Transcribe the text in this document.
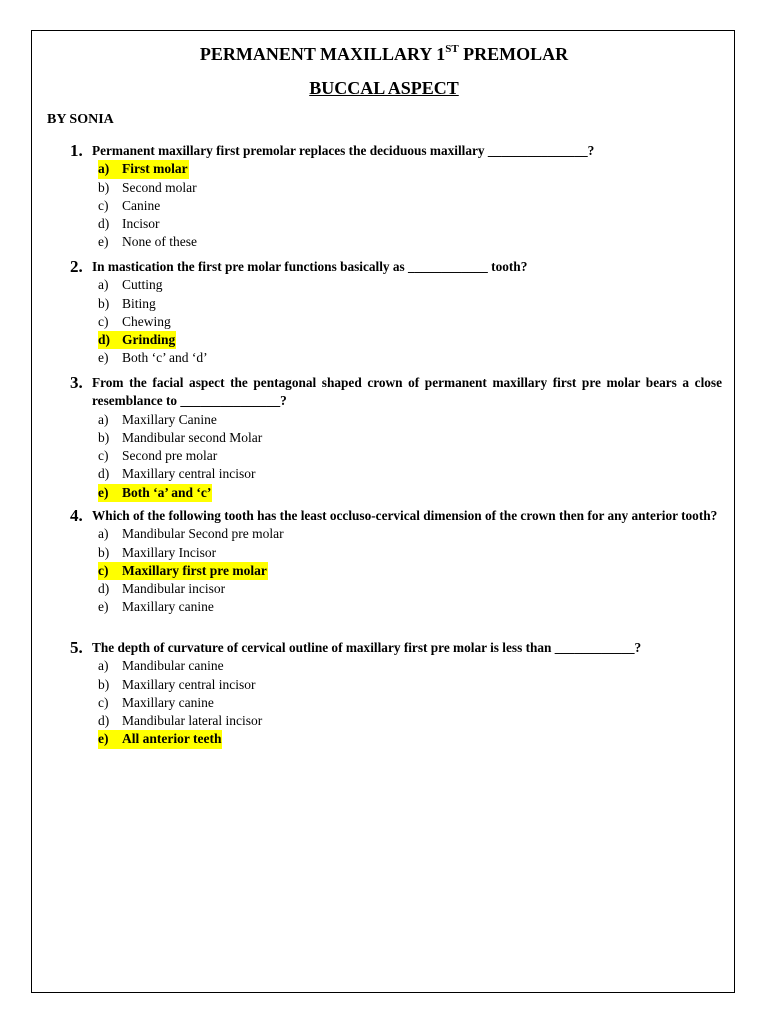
PERMANENT MAXILLARY 1ST PREMOLAR
BUCCAL ASPECT
BY SONIA
1. Permanent maxillary first premolar replaces the deciduous maxillary _______________?
a) First molar
b) Second molar
c)	Canine
d) Incisor
e)	None of these
2. In mastication the first pre molar functions basically as ____________ tooth?
a)	Cutting
b) Biting
c)	Chewing
d) Grinding
e)	Both ‘c’ and ‘d’
3. From the facial aspect the pentagonal shaped crown of permanent maxillary first pre molar bears a close resemblance to _______________?
a)	Maxillary Canine
b) Mandibular second Molar
c)	Second pre molar
d) Maxillary central incisor
e)	Both ‘a’ and ‘c’
4. Which of the following tooth has the least occluso-cervical dimension of the crown then for any anterior tooth?
a)	Mandibular Second pre molar
b) Maxillary Incisor
c)	Maxillary first pre molar
d) Mandibular incisor
e)	Maxillary canine
5. The depth of curvature of cervical outline of maxillary first pre molar is less than ____________?
a)	Mandibular canine
b) Maxillary central incisor
c)	Maxillary canine
d) Mandibular lateral incisor
e)	All anterior teeth
